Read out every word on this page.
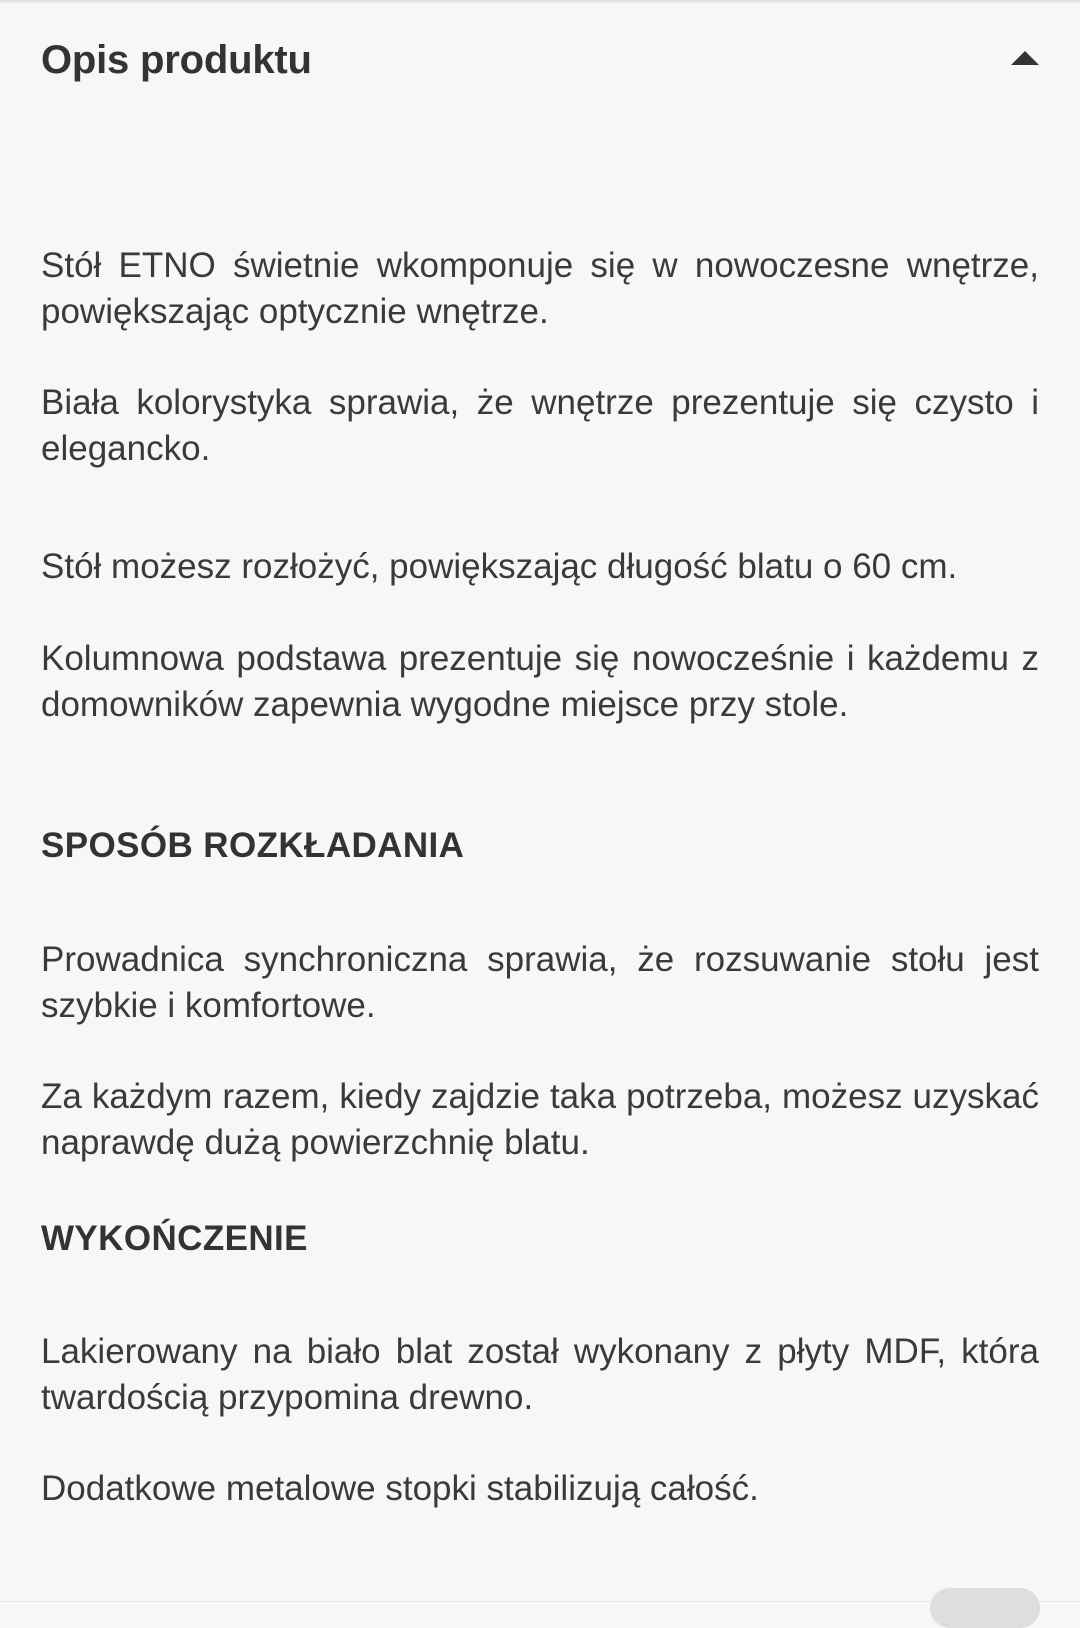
Opis produktu

Stół ETNO świetnie wkomponuje się w nowoczesne wnętrze, powiększając optycznie wnętrze.

Biała kolorystyka sprawia, że wnętrze prezentuje się czysto i elegancko.

Stół możesz rozłożyć, powiększając długość blatu o 60 cm.

Kolumnowa podstawa prezentuje się nowocześnie i każdemu z domowników zapewnia wygodne miejsce przy stole.

SPOSÓB ROZKŁADANIA

Prowadnica synchroniczna sprawia, że rozsuwanie stołu jest szybkie i komfortowe.

Za każdym razem, kiedy zajdzie taka potrzeba, możesz uzyskać naprawdę dużą powierzchnię blatu.

WYKOŃCZENIE

Lakierowany na biało blat został wykonany z płyty MDF, która twardością przypomina drewno.

Dodatkowe metalowe stopki stabilizują całość.
